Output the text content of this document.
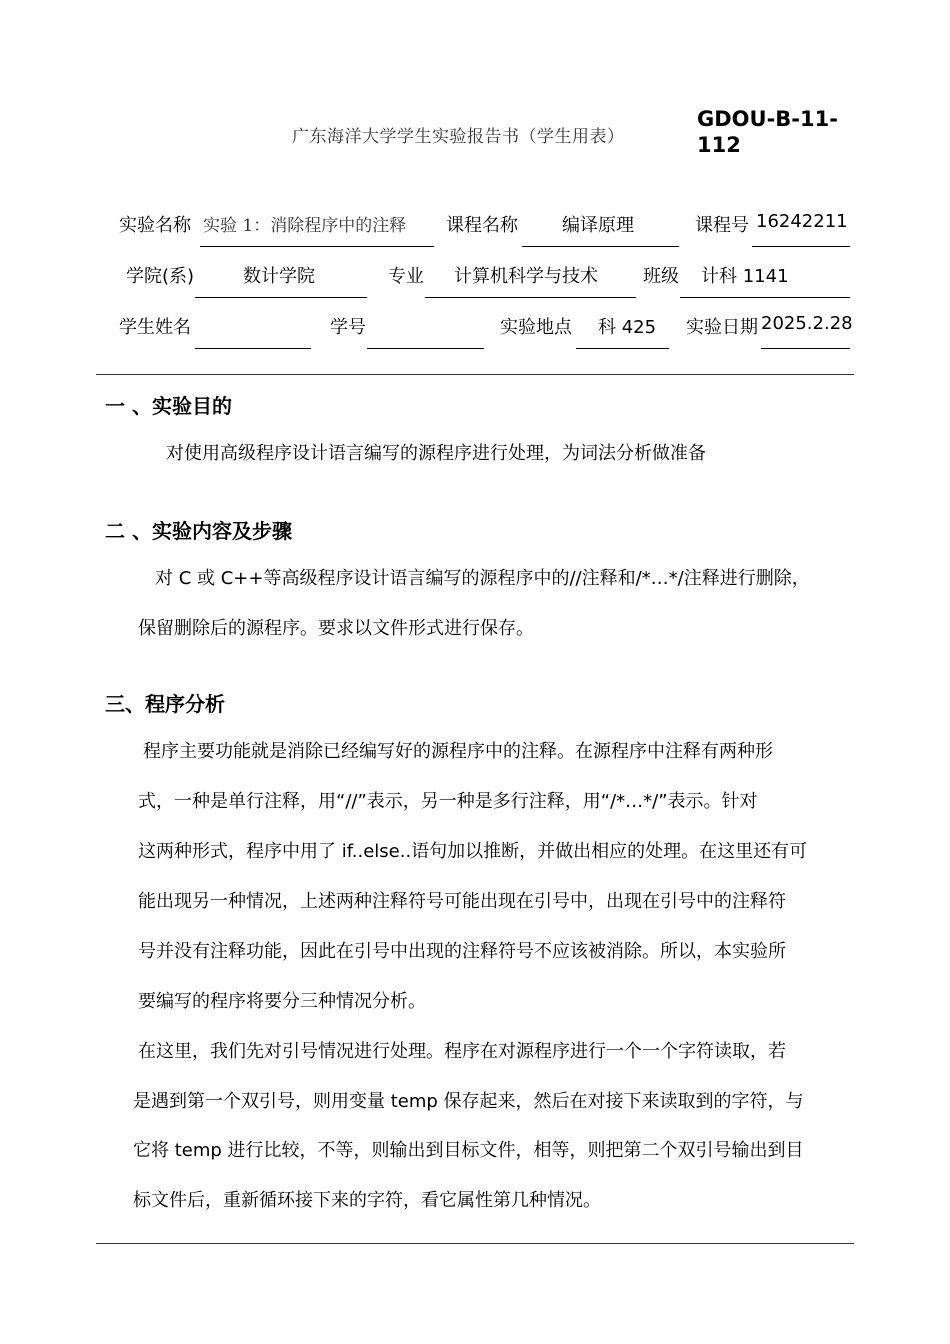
广东海洋大学学生实验报告书（学生用表）
GDOU-B-11-112
实验名称 实验 1：消除程序中的注释 课程名称 编译原理	课程号 16242211
学院(系)	数计学院	专业 计算机科学与技术	班级 计科 1141
学生姓名	学号	实验地点 科 425 实验日期 2025.2.28
一 、实验目的
对使用高级程序设计语言编写的源程序进行处理，为词法分析做准备
二 、实验内容及步骤
对 C 或 C++等高级程序设计语言编写的源程序中的//注释和/*…*/注释进行删除，
保留删除后的源程序。要求以文件形式进行保存。
三、程序分析
程序主要功能就是消除已经编写好的源程序中的注释。在源程序中注释有两种形
式，一种是单行注释，用“//”表示，另一种是多行注释，用“/*…*/”表示。针对
这两种形式，程序中用了 if..else..语句加以推断，并做出相应的处理。在这里还有可
能出现另一种情况，上述两种注释符号可能出现在引号中，出现在引号中的注释符
号并没有注释功能，因此在引号中出现的注释符号不应该被消除。所以，本实验所
要编写的程序将要分三种情况分析。
在这里，我们先对引号情况进行处理。程序在对源程序进行一个一个字符读取，若
是遇到第一个双引号，则用变量 temp 保存起来，然后在对接下来读取到的字符，与
它将 temp 进行比较，不等，则输出到目标文件，相等，则把第二个双引号输出到目
标文件后，重新循环接下来的字符，看它属性第几种情况。
